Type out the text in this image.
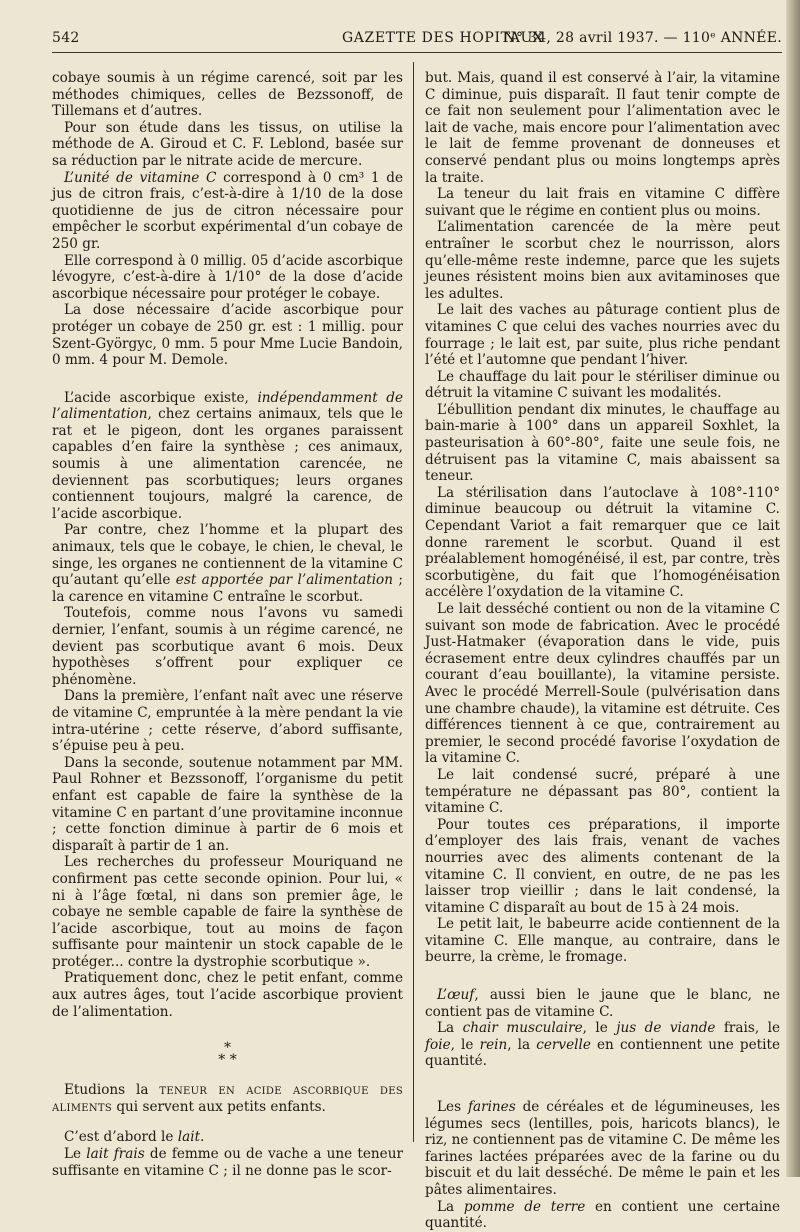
542	GAZETTE DES HOPITAUX
N° 34, 28 avril 1937. — 110ᵉ ANNÉE.

cobaye soumis à un régime carencé, soit par les méthodes chimiques, celles de Bezssonoff, de Tillemans et d’autres.

Pour son étude dans les tissus, on utilise la méthode de A. Giroud et C. F. Leblond, basée sur sa réduction par le nitrate acide de mercure.

L’unité de vitamine C correspond à 0 cm³ 1 de jus de citron frais, c’est-à-dire à 1/10 de la dose quotidienne de jus de citron nécessaire pour empêcher le scorbut expérimental d’un cobaye de 250 gr.

Elle correspond à 0 millig. 05 d’acide ascorbique lévogyre, c’est-à-dire à 1/10° de la dose d’acide ascorbique nécessaire pour protéger le cobaye.

La dose nécessaire d’acide ascorbique pour protéger un cobaye de 250 gr. est : 1 millig. pour Szent-Györgyc, 0 mm. 5 pour Mme Lucie Bandoin, 0 mm. 4 pour M. Demole.

L’acide ascorbique existe, indépendamment de l’alimentation, chez certains animaux, tels que le rat et le pigeon, dont les organes paraissent capables d’en faire la synthèse ; ces animaux, soumis à une alimentation carencée, ne deviennent pas scorbutiques; leurs organes contiennent toujours, malgré la carence, de l’acide ascorbique.

Par contre, chez l’homme et la plupart des animaux, tels que le cobaye, le chien, le cheval, le singe, les organes ne contiennent de la vitamine C qu’autant qu’elle est apportée par l’alimentation ; la carence en vitamine C entraîne le scorbut.

Toutefois, comme nous l’avons vu samedi dernier, l’enfant, soumis à un régime carencé, ne devient pas scorbutique avant 6 mois. Deux hypothèses s’offrent pour expliquer ce phénomène.

Dans la première, l’enfant naît avec une réserve de vitamine C, empruntée à la mère pendant la vie intra-utérine ; cette réserve, d’abord suffisante, s’épuise peu à peu.

Dans la seconde, soutenue notamment par MM. Paul Rohner et Bezssonoff, l’organisme du petit enfant est capable de faire la synthèse de la vitamine C en partant d’une provitamine inconnue ; cette fonction diminue à partir de 6 mois et disparaît à partir de 1 an.

Les recherches du professeur Mouriquand ne confirment pas cette seconde opinion. Pour lui, « ni à l’âge fœtal, ni dans son premier âge, le cobaye ne semble capable de faire la synthèse de l’acide ascorbique, tout au moins de façon suffisante pour maintenir un stock capable de le protéger... contre la dystrophie scorbutique ».

Pratiquement donc, chez le petit enfant, comme aux autres âges, tout l’acide ascorbique provient de l’alimentation.

*
* *

Etudions la teneur en acide ascorbique des aliments qui servent aux petits enfants.

C’est d’abord le lait.

Le lait frais de femme ou de vache a une teneur suffisante en vitamine C ; il ne donne pas le scor-

but. Mais, quand il est conservé à l’air, la vitamine C diminue, puis disparaît. Il faut tenir compte de ce fait non seulement pour l’alimentation avec le lait de vache, mais encore pour l’alimentation avec le lait de femme provenant de donneuses et conservé pendant plus ou moins longtemps après la traite.

La teneur du lait frais en vitamine C diffère suivant que le régime en contient plus ou moins.

L’alimentation carencée de la mère peut entraîner le scorbut chez le nourrisson, alors qu’elle-même reste indemne, parce que les sujets jeunes résistent moins bien aux avitaminoses que les adultes.

Le lait des vaches au pâturage contient plus de vitamines C que celui des vaches nourries avec du fourrage ; le lait est, par suite, plus riche pendant l’été et l’automne que pendant l’hiver.

Le chauffage du lait pour le stériliser diminue ou détruit la vitamine C suivant les modalités.

L’ébullition pendant dix minutes, le chauffage au bain-marie à 100° dans un appareil Soxhlet, la pasteurisation à 60°-80°, faite une seule fois, ne détruisent pas la vitamine C, mais abaissent sa teneur.

La stérilisation dans l’autoclave à 108°-110° diminue beaucoup ou détruit la vitamine C. Cependant Variot a fait remarquer que ce lait donne rarement le scorbut. Quand il est préalablement homogénéisé, il est, par contre, très scorbutigène, du fait que l’homogénéisation accélère l’oxydation de la vitamine C.

Le lait desséché contient ou non de la vitamine C suivant son mode de fabrication. Avec le procédé Just-Hatmaker (évaporation dans le vide, puis écrasement entre deux cylindres chauffés par un courant d’eau bouillante), la vitamine persiste. Avec le procédé Merrell-Soule (pulvérisation dans une chambre chaude), la vitamine est détruite. Ces différences tiennent à ce que, contrairement au premier, le second procédé favorise l’oxydation de la vitamine C.

Le lait condensé sucré, préparé à une température ne dépassant pas 80°, contient la vitamine C.

Pour toutes ces préparations, il importe d’employer des lais frais, venant de vaches nourries avec des aliments contenant de la vitamine C. Il convient, en outre, de ne pas les laisser trop vieillir ; dans le lait condensé, la vitamine C disparaît au bout de 15 à 24 mois.

Le petit lait, le babeurre acide contiennent de la vitamine C. Elle manque, au contraire, dans le beurre, la crème, le fromage.

L’œuf, aussi bien le jaune que le blanc, ne contient pas de vitamine C.

La chair musculaire, le jus de viande frais, le foie, le rein, la cervelle en contiennent une petite quantité.

Les farines de céréales et de légumineuses, les légumes secs (lentilles, pois, haricots blancs), le riz, ne contiennent pas de vitamine C. De même les farines lactées préparées avec de la farine ou du biscuit et du lait desséché. De même le pain et les pâtes alimentaires.

La pomme de terre en contient une certaine quantité.
